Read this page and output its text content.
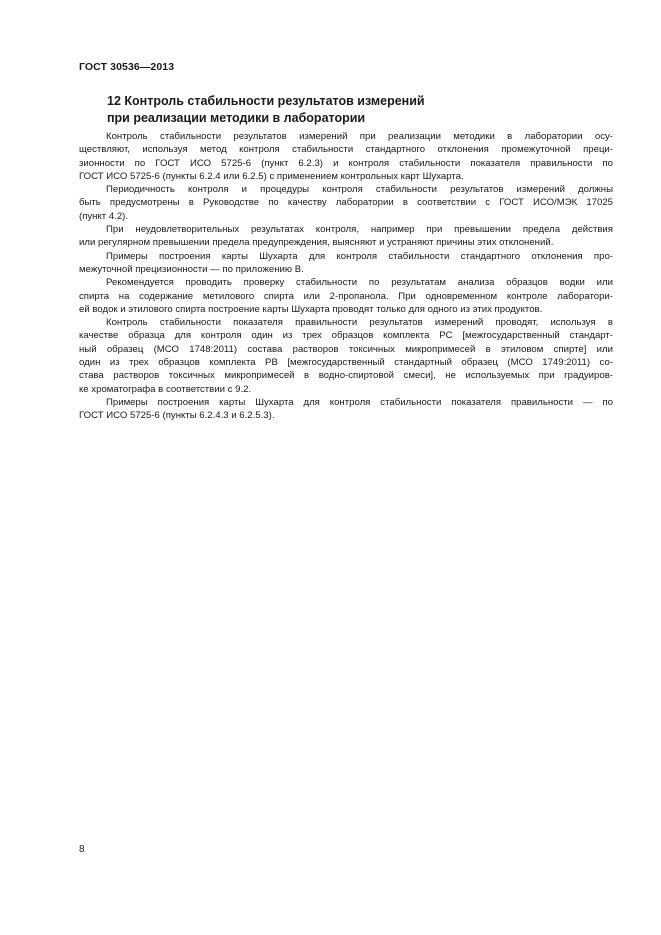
ГОСТ 30536—2013
12 Контроль стабильности результатов измерений
при реализации методики в лаборатории
Контроль стабильности результатов измерений при реализации методики в лаборатории осу-
ществляют, используя метод контроля стабильности стандартного отклонения промежуточной преци-
зионности по ГОСТ ИСО 5725-6 (пункт 6.2.3) и контроля стабильности показателя правильности по
ГОСТ ИСО 5725-6 (пункты 6.2.4 или 6.2.5) с применением контрольных карт Шухарта.
Периодичность контроля и процедуры контроля стабильности результатов измерений должны
быть предусмотрены в Руководстве по качеству лаборатории в соответствии с ГОСТ ИСО/МЭК 17025
(пункт 4.2).
При неудовлетворительных результатах контроля, например при превышении предела действия
или регулярном превышении предела предупреждения, выясняют и устраняют причины этих отклонений.
Примеры построения карты Шухарта для контроля стабильности стандартного отклонения про-
межуточной прецизионности — по приложению В.
Рекомендуется проводить проверку стабильности по результатам анализа образцов водки или
спирта на содержание метилового спирта или 2-пропанола. При одновременном контроле лаборатори-
ей водок и этилового спирта построение карты Шухарта проводят только для одного из этих продуктов.
Контроль стабильности показателя правильности результатов измерений проводят, используя в
качестве образца для контроля один из трех образцов комплекта РС [межгосударственный стандарт-
ный образец (МСО 1748:2011) состава растворов токсичных микропримесей в этиловом спирте] или
один из трех образцов комплекта РВ [межгосударственный стандартный образец (МСО 1749:2011) со-
става растворов токсичных микропримесей в водно-спиртовой смеси], не используемых при градуиров-
ке хроматографа в соответствии с 9.2.
Примеры построения карты Шухарта для контроля стабильности показателя правильности — по
ГОСТ ИСО 5725-6 (пункты 6.2.4.3 и 6.2.5.3).
8
